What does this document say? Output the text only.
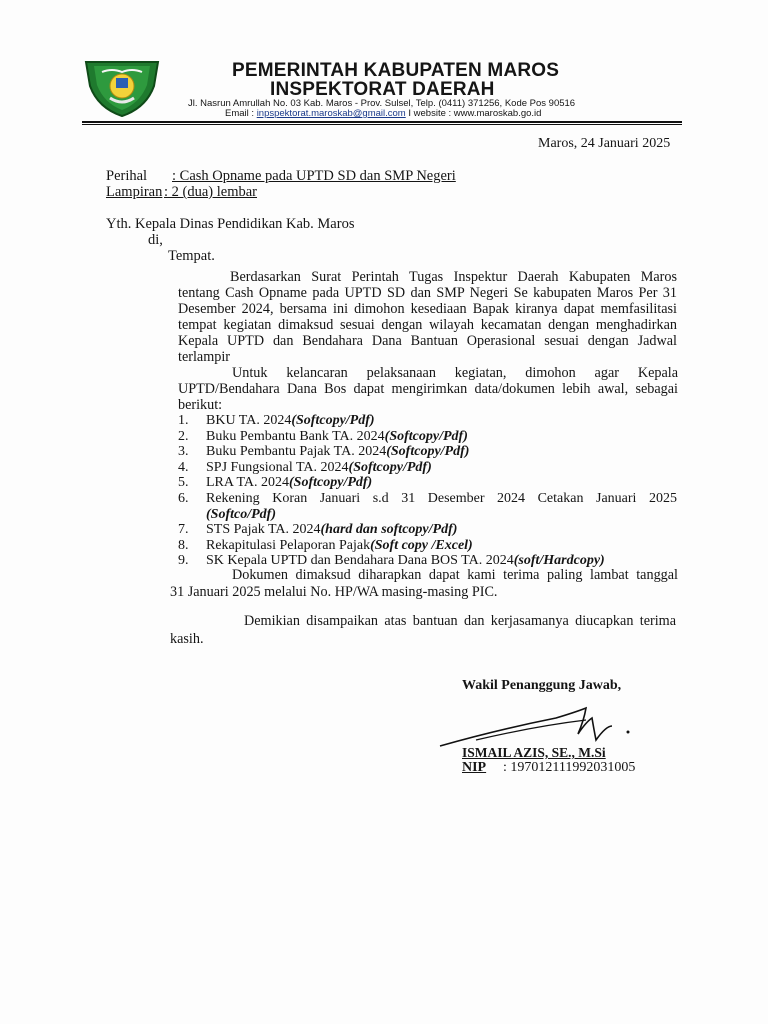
PEMERINTAH KABUPATEN MAROS
INSPEKTORAT DAERAH
Jl. Nasrun Amrullah No. 03 Kab. Maros - Prov. Sulsel, Telp. (0411) 371256, Kode Pos 90516
Email : inpspektorat.maroskab@gmail.com I website : www.maroskab.go.id
Maros, 24 Januari 2025
Perihal : Cash Opname pada UPTD SD dan SMP Negeri
Lampiran : 2 (dua) lembar
Yth. Kepala Dinas Pendidikan Kab. Maros
di,
Tempat.
Berdasarkan Surat Perintah Tugas Inspektur Daerah Kabupaten Maros
tentang Cash Opname pada UPTD SD dan SMP Negeri Se kabupaten Maros Per 31
Desember 2024, bersama ini dimohon kesediaan Bapak kiranya dapat memfasilitasi
tempat kegiatan dimaksud sesuai dengan wilayah kecamatan dengan menghadirkan
Kepala UPTD dan Bendahara Dana Bantuan Operasional sesuai dengan Jadwal
terlampir
Untuk kelancaran pelaksanaan kegiatan, dimohon agar Kepala
UPTD/Bendahara Dana Bos dapat mengirimkan data/dokumen lebih awal, sebagai
berikut:
1.	BKU TA. 2024 (Softcopy/Pdf)
2.	Buku Pembantu Bank TA. 2024 (Softcopy/Pdf)
3.	Buku Pembantu Pajak TA. 2024 (Softcopy/Pdf)
4.	SPJ Fungsional TA. 2024 (Softcopy/Pdf)
5.	LRA TA. 2024 (Softcopy/Pdf)
6.	Rekening Koran Januari s.d 31 Desember 2024 Cetakan Januari 2025
(Softco/Pdf)
7.	STS Pajak TA. 2024 (hard dan softcopy/Pdf)
8.	Rekapitulasi Pelaporan Pajak (Soft copy /Excel)
9.	SK Kepala UPTD dan Bendahara Dana BOS TA. 2024 (soft/Hardcopy)
Dokumen dimaksud diharapkan dapat kami terima paling lambat tanggal
31 Januari 2025 melalui No. HP/WA masing-masing PIC.
Demikian disampaikan atas bantuan dan kerjasamanya diucapkan terima
kasih.
Wakil Penanggung Jawab,
ISMAIL AZIS, SE., M.Si
NIP : 197012111992031005
